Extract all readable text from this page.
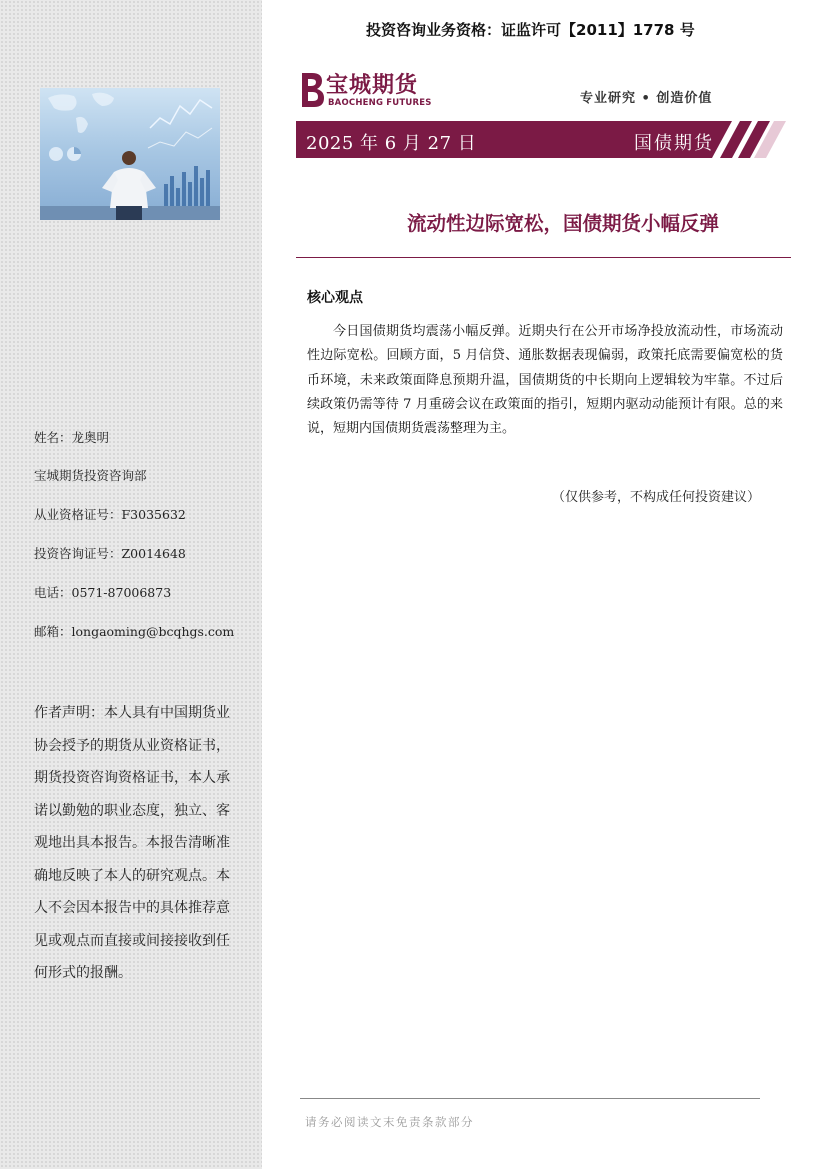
姓名：龙奥明
宝城期货投资咨询部
从业资格证号：F3035632
投资咨询证号：Z0014648
电话：0571-87006873
邮箱：longaoming@bcqhgs.com
作者声明：本人具有中国期货业协会授予的期货从业资格证书，期货投资咨询资格证书，本人承诺以勤勉的职业态度，独立、客观地出具本报告。本报告清晰准确地反映了本人的研究观点。本人不会因本报告中的具体推荐意见或观点而直接或间接接收到任何形式的报酬。
投资咨询业务资格：证监许可【2011】1778 号
宝城期货
BAOCHENG FUTURES	专业研究 • 创造价值
2025 年 6 月 27 日	国债期货
流动性边际宽松，国债期货小幅反弹
核心观点
今日国债期货均震荡小幅反弹。近期央行在公开市场净投放流动性，市场流动性边际宽松。回顾方面，5 月信贷、通胀数据表现偏弱，政策托底需要偏宽松的货币环境，未来政策面降息预期升温，国债期货的中长期向上逻辑较为牢靠。不过后续政策仍需等待 7 月重磅会议在政策面的指引，短期内驱动动能预计有限。总的来说，短期内国债期货震荡整理为主。
（仅供参考，不构成任何投资建议）
请务必阅读文末免责条款部分
